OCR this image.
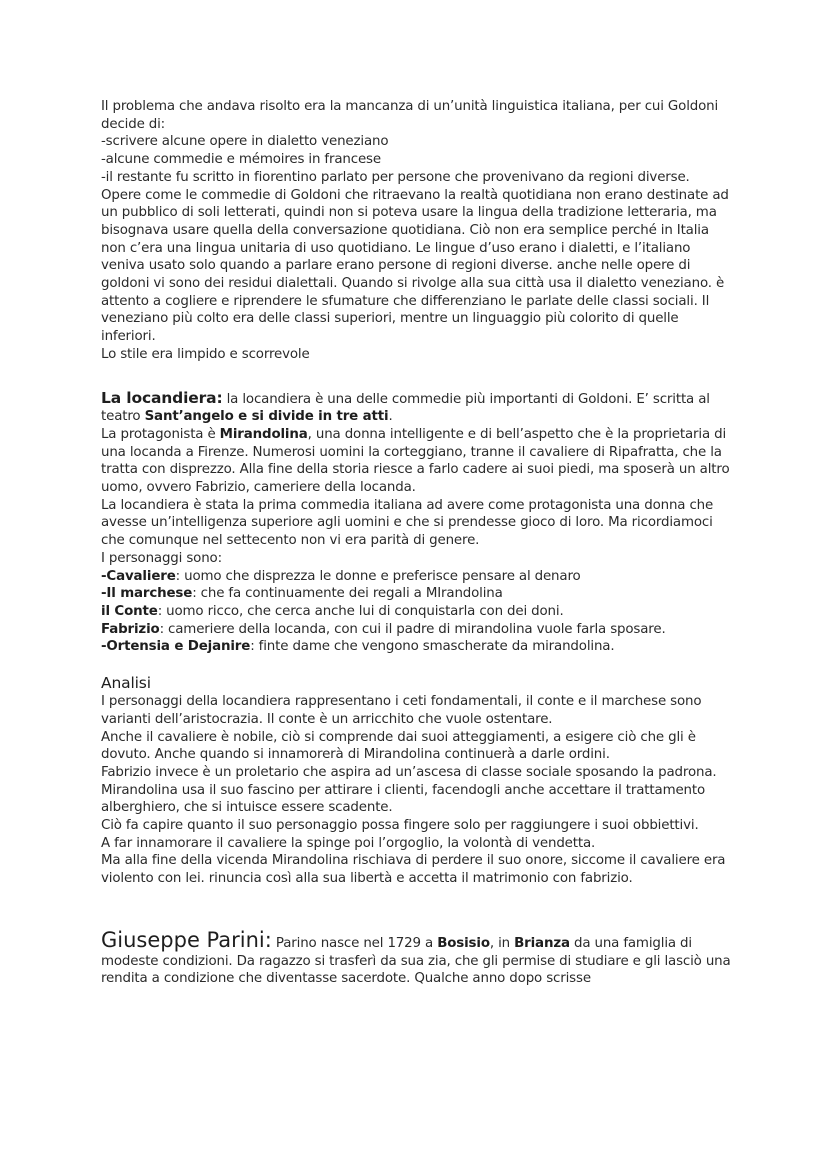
Il problema che andava risolto era la mancanza di un’unità linguistica italiana, per cui Goldoni decide di:

-scrivere alcune opere in dialetto veneziano

-alcune commedie e mémoires in francese

-il restante fu scritto in fiorentino parlato per persone che provenivano da regioni diverse.

Opere come le commedie di Goldoni che ritraevano la realtà quotidiana non erano destinate ad un pubblico di soli letterati, quindi non si poteva usare la lingua della tradizione letteraria, ma bisognava usare quella della conversazione quotidiana. Ciò non era semplice perché in Italia non c’era una lingua unitaria di uso quotidiano. Le lingue d’uso erano i dialetti, e l’italiano veniva usato solo quando a parlare erano persone di regioni diverse. anche nelle opere di goldoni vi sono dei residui dialettali. Quando si rivolge alla sua città usa il dialetto veneziano. è attento a cogliere e riprendere le sfumature che differenziano le parlate delle classi sociali. Il veneziano più colto era delle classi superiori, mentre un linguaggio più colorito di quelle inferiori.

Lo stile era limpido e scorrevole

La locandiera: la locandiera è una delle commedie più importanti di Goldoni. E’ scritta al teatro Sant’angelo e si divide in tre atti.

La protagonista è Mirandolina, una donna intelligente e di bell’aspetto che è la proprietaria di una locanda a Firenze. Numerosi uomini la corteggiano, tranne il cavaliere di Ripafratta, che la tratta con disprezzo. Alla fine della storia riesce a farlo cadere ai suoi piedi, ma sposerà un altro uomo, ovvero Fabrizio, cameriere della locanda.

La locandiera è stata la prima commedia italiana ad avere come protagonista una donna che avesse un’intelligenza superiore agli uomini e che si prendesse gioco di loro. Ma ricordiamoci che comunque nel settecento non vi era parità di genere.

I personaggi sono:

-Cavaliere: uomo che disprezza le donne e preferisce pensare al denaro

-Il marchese: che fa continuamente dei regali a MIrandolina

il Conte: uomo ricco, che cerca anche lui di conquistarla con dei doni.

Fabrizio: cameriere della locanda, con cui il padre di mirandolina vuole farla sposare.

-Ortensia e Dejanire: finte dame che vengono smascherate da mirandolina.

Analisi

I personaggi della locandiera rappresentano i ceti fondamentali, il conte e il marchese sono varianti dell’aristocrazia. Il conte è un arricchito che vuole ostentare.

Anche il cavaliere è nobile, ciò si comprende dai suoi atteggiamenti, a esigere ciò che gli è dovuto. Anche quando si innamorerà di Mirandolina continuerà a darle ordini.

Fabrizio invece è un proletario che aspira ad un’ascesa di classe sociale sposando la padrona.

Mirandolina usa il suo fascino per attirare i clienti, facendogli anche accettare il trattamento alberghiero, che si intuisce essere scadente.

Ciò fa capire quanto il suo personaggio possa fingere solo per raggiungere i suoi obbiettivi.

A far innamorare il cavaliere la spinge poi l’orgoglio, la volontà di vendetta.

Ma alla fine della vicenda Mirandolina rischiava di perdere il suo onore, siccome il cavaliere era violento con lei. rinuncia così alla sua libertà e accetta il matrimonio con fabrizio.

Giuseppe Parini: Parino nasce nel 1729 a Bosisio, in Brianza da una famiglia di modeste condizioni. Da ragazzo si trasferì da sua zia, che gli permise di studiare e gli lasciò una rendita a condizione che diventasse sacerdote. Qualche anno dopo scrisse
